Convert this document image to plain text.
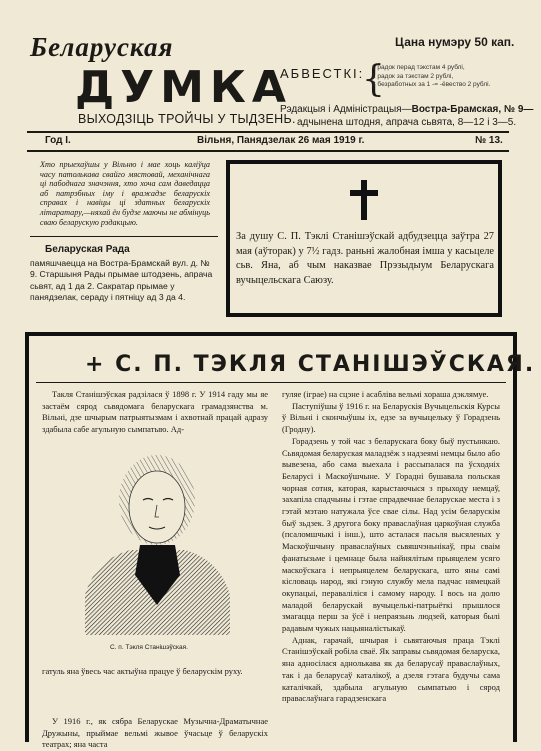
Беларуская
ДУМКА
ВЫХОДЗІЦЬ ТРОЙЧЫ У ТЫДЗЕНЬ.
Цана нумэру 50 кап.
АБВЕСТКІ:
{
1 радок перад тэкстам 4 рублі,
1 радок за тэкстам 2 рублі,
3 безработных за 1 -= -ёвество 2 рублі.
Рэдакцыя і Адміністрацыя—Вострa-Брамская, № 9—
адчынена штодня, апрача сьвята, 8—12 і 3—5.
Год І.	Вільня, Панядзелак 26 мая 1919 г.	№ 13.
Хто прыехаўшы у Вільню і мае хоць каліўца часу патолькава свайго мястовай, механічнага ці пабоднага значэння, хто хоча сам даведацца аб патрэбных іму і вражадзе беларускіх справах і навіцы ці здатных беларускіх літаратару,—няхай ён будзе маючы не абмінуць сваю беларускую рэдакцыю.
Беларуская Рада
памяшчаецца на Востра-Брамскай вул. д. № 9. Старшыня Рады прымае штодзень, апрача сьвят, ад 1 да 2. Сакратар прымае у панядзелак, сераду і пятніцу ад 3 да 4.
За душу С. П. Тэклі Станішэўскай адбудзецца заўтра 27 мая (аўторак) у 7½ гадз. раньні жалобная імша у касьцеле сьв. Яна, аб чым наказвае Прэзыдыум Беларускага вучыцельскага Саюзу.
+ С. П. ТЭКЛЯ СТАНІШЭЎСКАЯ.
Такля Станішэўская радзілася ў 1898 г. У 1914 гаду мы яе застаём сярод сьвядомага беларускага грамадзянства м. Вільні, дзе шчырым патрыятызмам і ахвотнай працай адразу здабыла сабе агульную сымпатыю. Ад-
С. п. Тэкля Станішэўская.
гатуль яна ўвесь час актыўна працуе ў беларускім руху.
У 1916 г., як сябра Беларускае Музычна-Драматычнае Дружыны, прыймае вельмі жывое ўчасьце ў беларускіх театрах; яна часта

гуляе (іграе) на сцэне і асабліва вельмі хораша дэклямуе.

Паступіўшы ў 1916 г. на Беларускія Вучыцельскія Курсы ў Вільні і скончыўшы іх, едзе за вучыцельку ў Горадзень (Гродну).

Горадзень у той час з беларускага боку быў пустынкаю. Сьвядомая беларуская маладзёж з надзеямі немцы было або вывезена, або сама выехала і рассыпалася па ўсходніх Беларусі і Маскоўшчыне. У Горадні бушавала польская чорная сотня, каторая, карыстаючыся з прыходу немцаў, захапіла спадчыны і гэтае спрадвечнае беларускае места і з гэтай мэтаю натужала ўсе свае сілы. Над усім беларускім быў зьдзек. З другога боку праваслаўная царкоўная служба (псаломшчыкі і інш.), што асталася пасьля высяленых у Маскоўшчыну праваслаўных сьвяшчэньнікаў, пры сваім фанатызьме і цемнаце была найнялітым прыяцелем усяго маскоўскага і непрыяцелем беларускага, што яны самі кісловаць народ, які гэную службу мела падчас нямецкай окупацыі, пераваліліся і самому народу. І вось на долю маладой беларускай вучыцелькі-патрыёткі прышлося змагацца перш за ўсё і непраязьнь людзей, каторыя былі радавым чужых нацыяналістыкаў.

Аднак, гарачай, шчырая і сьвятаючыя праца Тэклі Станішэўскай робіла сваё. Як заправы сьвядомая беларуска, яна адносілася аднолькава як да беларусаў праваслаўных, так і да беларусаў каталікоў, а дзеля гэтага будучы сама каталічкай, здабыла агульную сымпатыю і сярод праваслаўнага гарадзенскага
